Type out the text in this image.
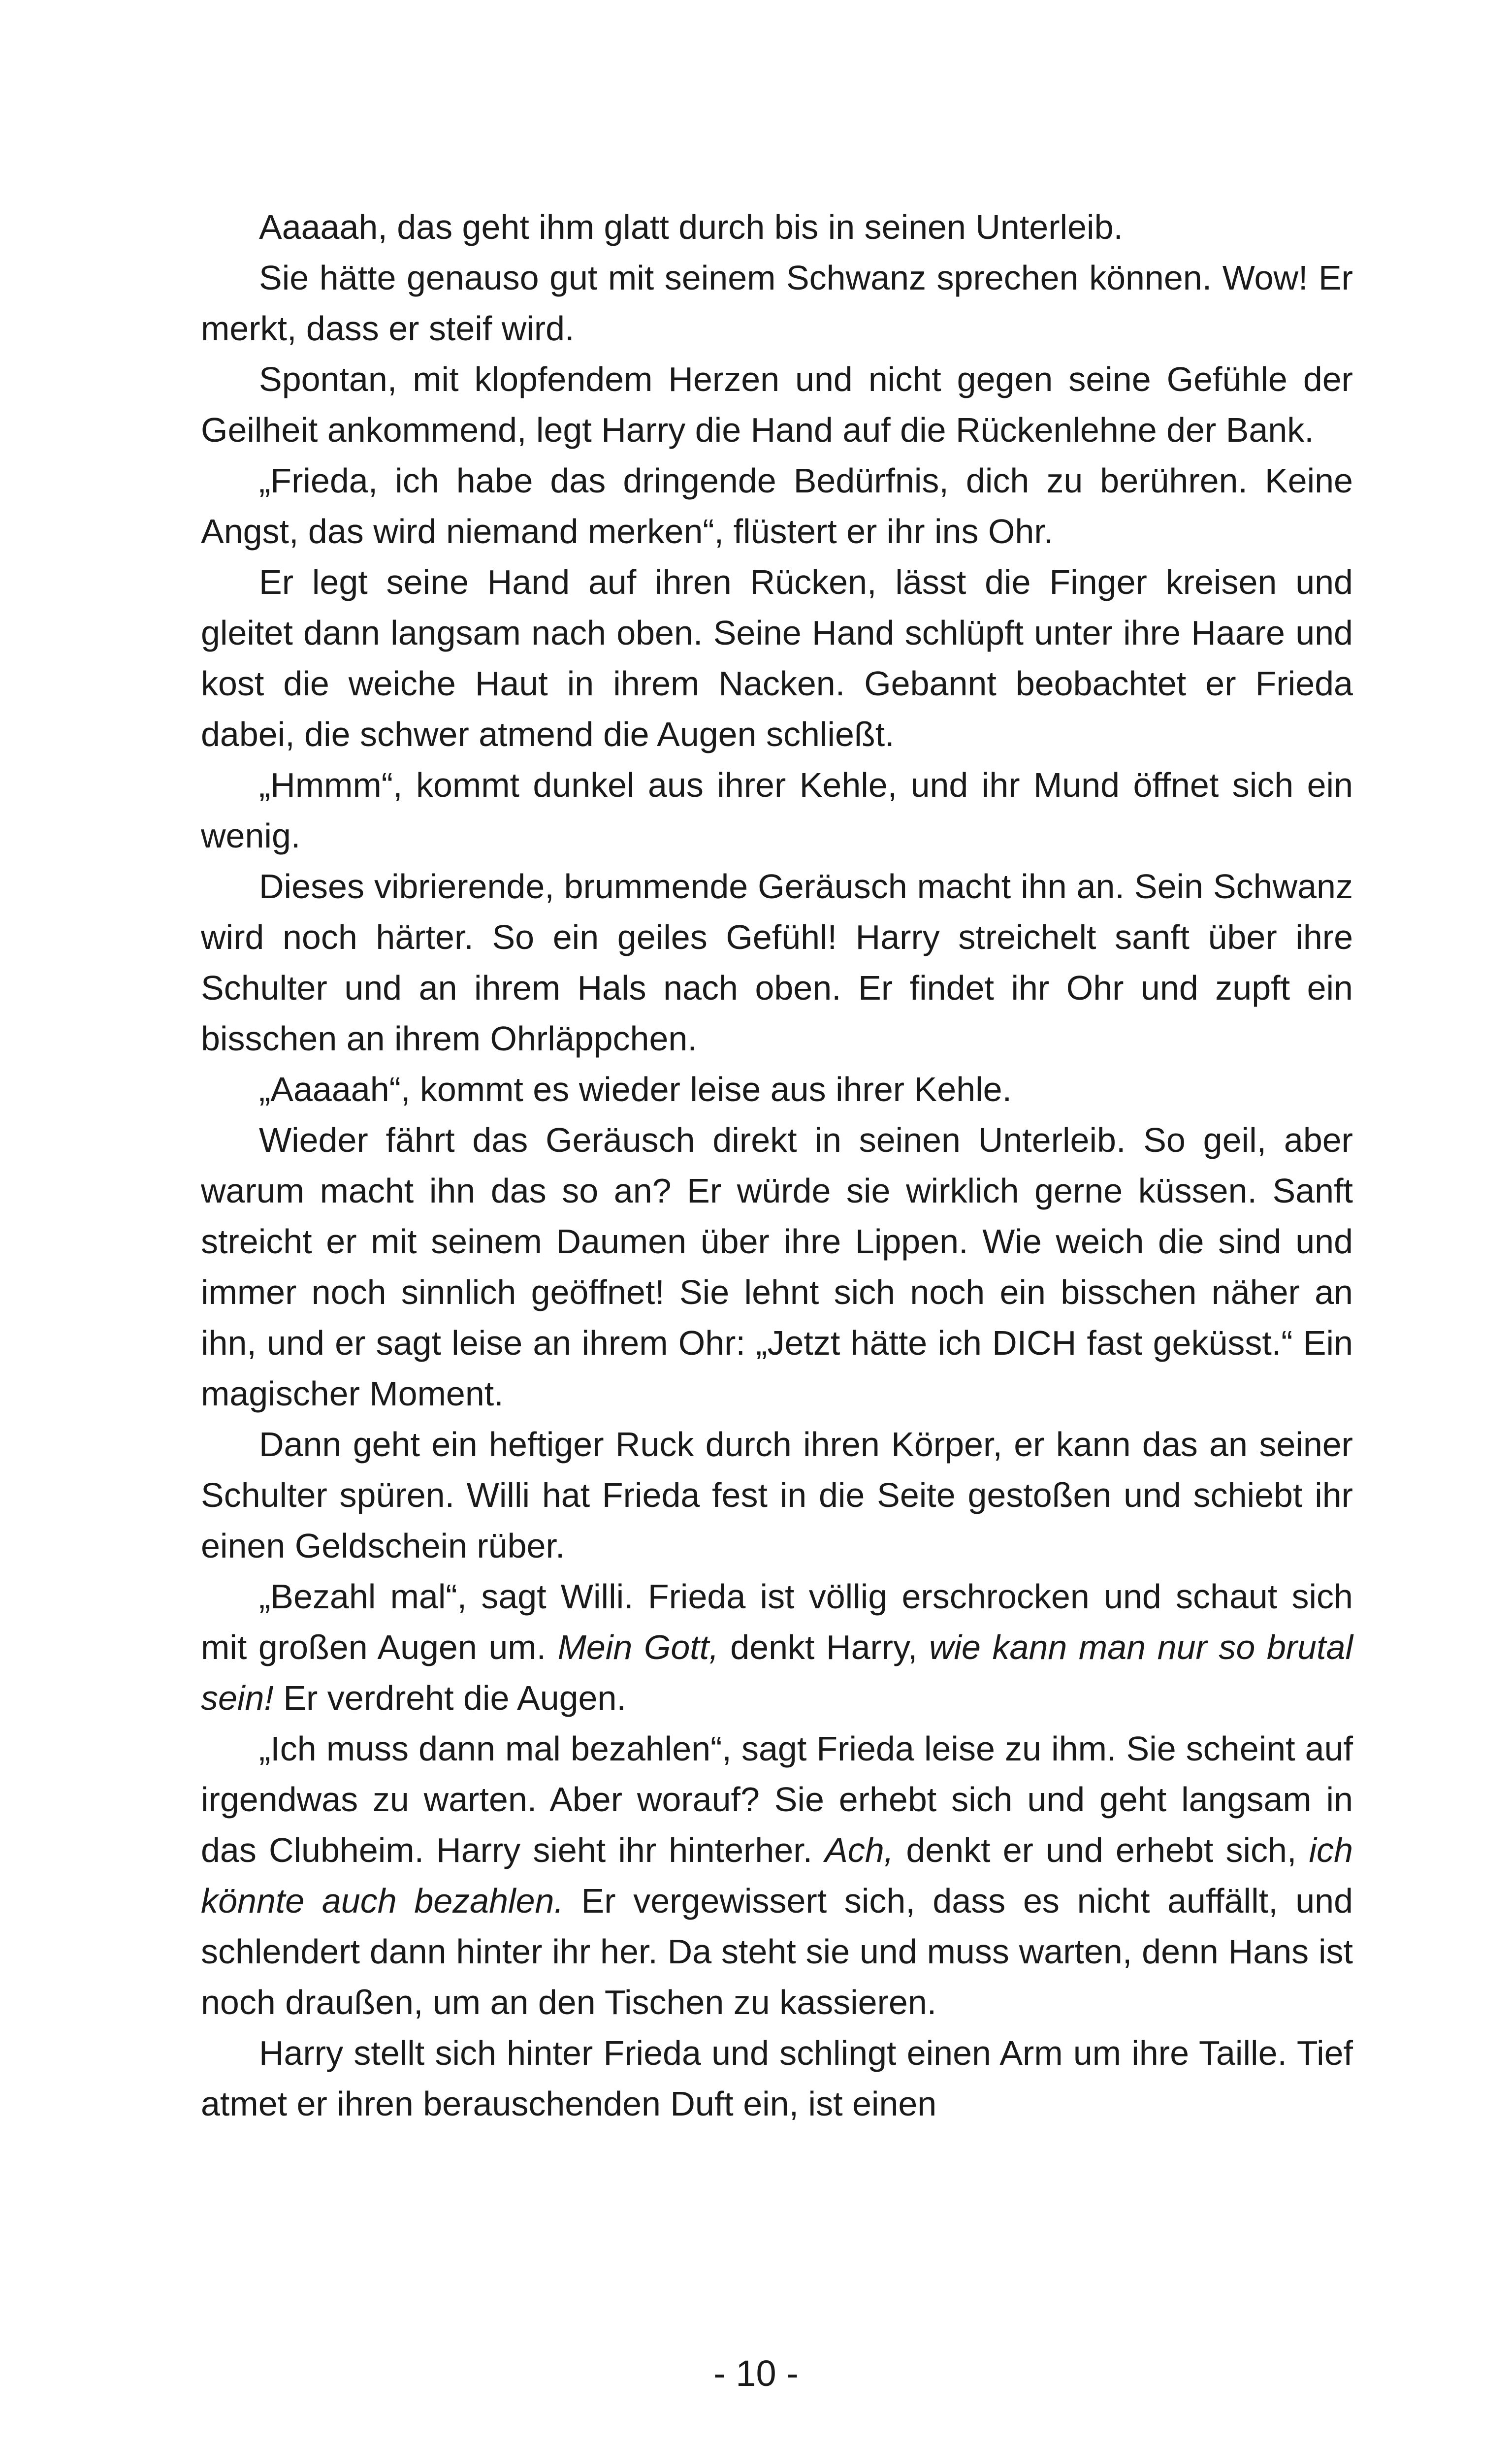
Aaaaah, das geht ihm glatt durch bis in seinen Unterleib.

Sie hätte genauso gut mit seinem Schwanz sprechen können. Wow! Er merkt, dass er steif wird.

Spontan, mit klopfendem Herzen und nicht gegen seine Gefühle der Geilheit ankommend, legt Harry die Hand auf die Rückenlehne der Bank.

„Frieda, ich habe das dringende Bedürfnis, dich zu berühren. Keine Angst, das wird niemand merken“, flüstert er ihr ins Ohr.

Er legt seine Hand auf ihren Rücken, lässt die Finger kreisen und gleitet dann langsam nach oben. Seine Hand schlüpft unter ihre Haare und kost die weiche Haut in ihrem Nacken. Gebannt beobachtet er Frieda dabei, die schwer atmend die Augen schließt.

„Hmmm“, kommt dunkel aus ihrer Kehle, und ihr Mund öffnet sich ein wenig.

Dieses vibrierende, brummende Geräusch macht ihn an. Sein Schwanz wird noch härter. So ein geiles Gefühl! Harry streichelt sanft über ihre Schulter und an ihrem Hals nach oben. Er findet ihr Ohr und zupft ein bisschen an ihrem Ohrläppchen.

„Aaaaah“, kommt es wieder leise aus ihrer Kehle.

Wieder fährt das Geräusch direkt in seinen Unterleib. So geil, aber warum macht ihn das so an? Er würde sie wirklich gerne küssen. Sanft streicht er mit seinem Daumen über ihre Lippen. Wie weich die sind und immer noch sinnlich geöffnet! Sie lehnt sich noch ein bisschen näher an ihn, und er sagt leise an ihrem Ohr: „Jetzt hätte ich DICH fast geküsst.“ Ein magischer Moment.

Dann geht ein heftiger Ruck durch ihren Körper, er kann das an seiner Schulter spüren. Willi hat Frieda fest in die Seite gestoßen und schiebt ihr einen Geldschein rüber.

„Bezahl mal“, sagt Willi. Frieda ist völlig erschrocken und schaut sich mit großen Augen um. Mein Gott, denkt Harry, wie kann man nur so brutal sein! Er verdreht die Augen.

„Ich muss dann mal bezahlen“, sagt Frieda leise zu ihm. Sie scheint auf irgendwas zu warten. Aber worauf? Sie erhebt sich und geht langsam in das Clubheim. Harry sieht ihr hinterher. Ach, denkt er und erhebt sich, ich könnte auch bezahlen. Er vergewissert sich, dass es nicht auffällt, und schlendert dann hinter ihr her. Da steht sie und muss warten, denn Hans ist noch draußen, um an den Tischen zu kassieren.

Harry stellt sich hinter Frieda und schlingt einen Arm um ihre Taille. Tief atmet er ihren berauschenden Duft ein, ist einen

- 10 -
